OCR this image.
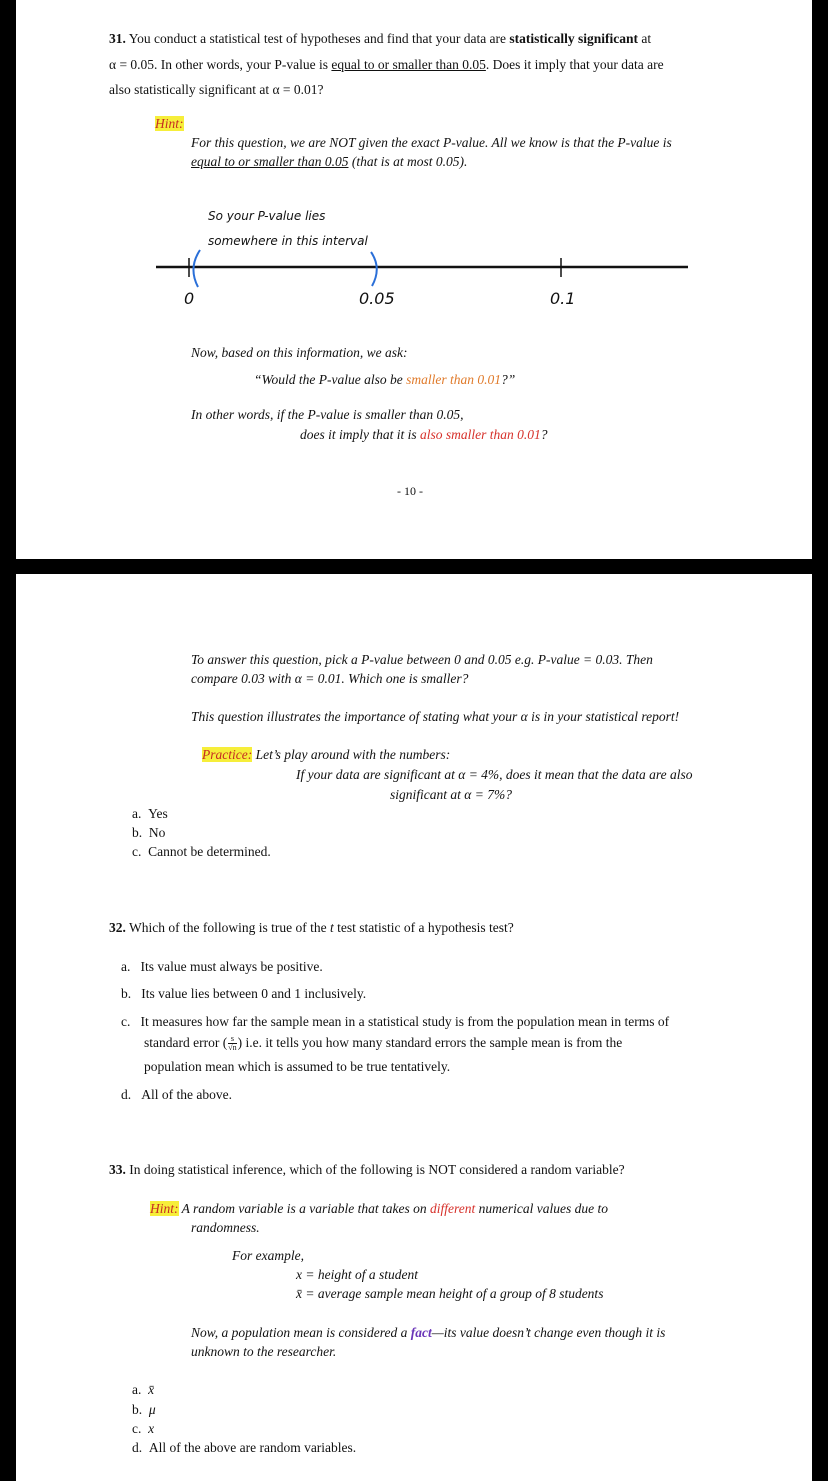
31. You conduct a statistical test of hypotheses and find that your data are statistically significant at
α = 0.05. In other words, your P-value is equal to or smaller than 0.05. Does it imply that your data are
also statistically significant at α = 0.01?
Hint:
For this question, we are NOT given the exact P-value. All we know is that the P-value is
equal to or smaller than 0.05 (that is at most 0.05).
So your P-value lies
somewhere in this interval
0	0.05	0.1
Now, based on this information, we ask:
“Would the P-value also be smaller than 0.01?”
In other words, if the P-value is smaller than 0.05,
does it imply that it is also smaller than 0.01?
- 10 -
To answer this question, pick a P-value between 0 and 0.05 e.g. P-value = 0.03. Then
compare 0.03 with α = 0.01. Which one is smaller?
This question illustrates the importance of stating what your α is in your statistical report!
Practice: Let’s play around with the numbers:
If your data are significant at α = 4%, does it mean that the data are also
significant at α = 7%?
a. Yes
b. No
c. Cannot be determined.
32. Which of the following is true of the t test statistic of a hypothesis test?
a. Its value must always be positive.
b. Its value lies between 0 and 1 inclusively.
c. It measures how far the sample mean in a statistical study is from the population mean in terms of
standard error ( $\frac{s}{√n}$ ) i.e. it tells you how many standard errors the sample mean is from the
population mean which is assumed to be true tentatively.
d. All of the above.
33. In doing statistical inference, which of the following is NOT considered a random variable?
Hint: A random variable is a variable that takes on different numerical values due to
randomness.
For example,
x = height of a student
x̄ = average sample mean height of a group of 8 students
Now, a population mean is considered a fact—its value doesn’t change even though it is
unknown to the researcher.
a. x̄
b. μ
c. x
d. All of the above are random variables.
